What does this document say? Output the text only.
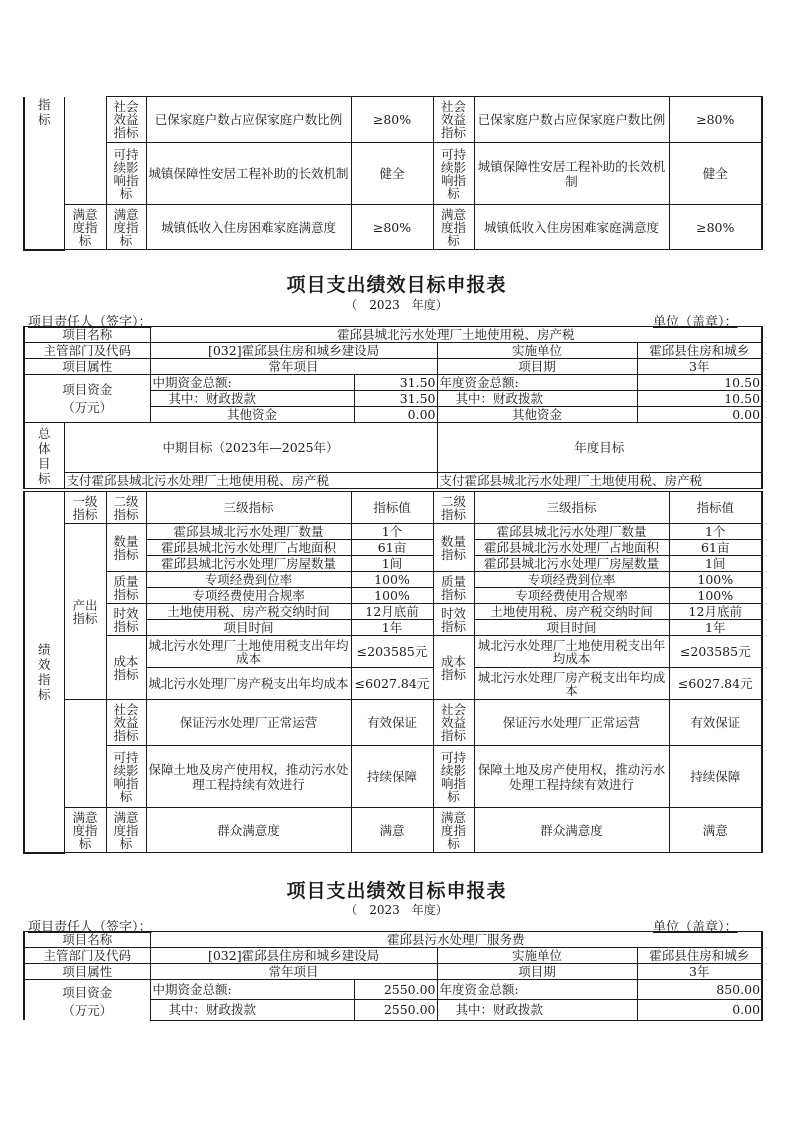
指
标		社会效益指标	已保家庭户数占应保家庭户数比例	≥80%	社会效益指标	已保家庭户数占应保家庭户数比例	≥80%
		可持续影响指标	城镇保障性安居工程补助的长效机制	健全	可持续影响指标	城镇保障性安居工程补助的长效机制	健全
	满意度指标	满意度指标	城镇低收入住房困难家庭满意度	≥80%	满意度指标	城镇低收入住房困难家庭满意度	≥80%
项目支出绩效目标申报表
（　2023　年度）
项目责任人（签字）：	单位（盖章）：
项目名称		霍邱县城北污水处理厂土地使用税、房产税			
主管部门及代码		[032]霍邱县住房和城乡建设局		实施单位	霍邱县住房和城乡
项目属性		常年项目		项目期	3年
项目资金
（万元）		中期资金总额:	31.50	年度资金总额:	10.50
		其中：财政拨款	31.50	其中：财政拨款	10.50
		其他资金	0.00	其他资金	0.00
总
体
目
标	中期目标（2023年—2025年）			年度目标	
	支付霍邱县城北污水处理厂土地使用税、房产税			支付霍邱县城北污水处理厂土地使用税、房产税	
绩
效
指
标	一级指标	二级指标	三级指标	指标值	二级指标	三级指标	指标值
	产出指标	数量指标	霍邱县城北污水处理厂数量	1个	数量指标	霍邱县城北污水处理厂数量	1个
			霍邱县城北污水处理厂占地面积	61亩		霍邱县城北污水处理厂占地面积	61亩
			霍邱县城北污水处理厂房屋数量	1间		霍邱县城北污水处理厂房屋数量	1间
		质量指标	专项经费到位率	100%	质量指标	专项经费到位率	100%
			专项经费使用合规率	100%		专项经费使用合规率	100%
		时效指标	土地使用税、房产税交纳时间	12月底前	时效指标	土地使用税、房产税交纳时间	12月底前
			项目时间	1年		项目时间	1年
		成本指标	城北污水处理厂土地使用税支出年均成本	≤203585元	成本指标	城北污水处理厂土地使用税支出年均成本	≤203585元
			城北污水处理厂房产税支出年均成本	≤6027.84元		城北污水处理厂房产税支出年均成本	≤6027.84元
		社会效益指标	保证污水处理厂正常运营	有效保证	社会效益指标	保证污水处理厂正常运营	有效保证
		可持续影响指标	保障土地及房产使用权，推动污水处理工程持续有效进行	持续保障	可持续影响指标	保障土地及房产使用权，推动污水处理工程持续有效进行	持续保障
	满意度指标	满意度指标	群众满意度	满意	满意度指标	群众满意度	满意
项目支出绩效目标申报表
（　2023　年度）
项目责任人（签字）：	单位（盖章）：
项目名称	霍邱县污水处理厂服务费			
主管部门及代码	[032]霍邱县住房和城乡建设局		实施单位	霍邱县住房和城乡
项目属性	常年项目		项目期	3年
项目资金
（万元）	中期资金总额:	2550.00	年度资金总额:	850.00
	其中：财政拨款	2550.00	其中：财政拨款	0.00
